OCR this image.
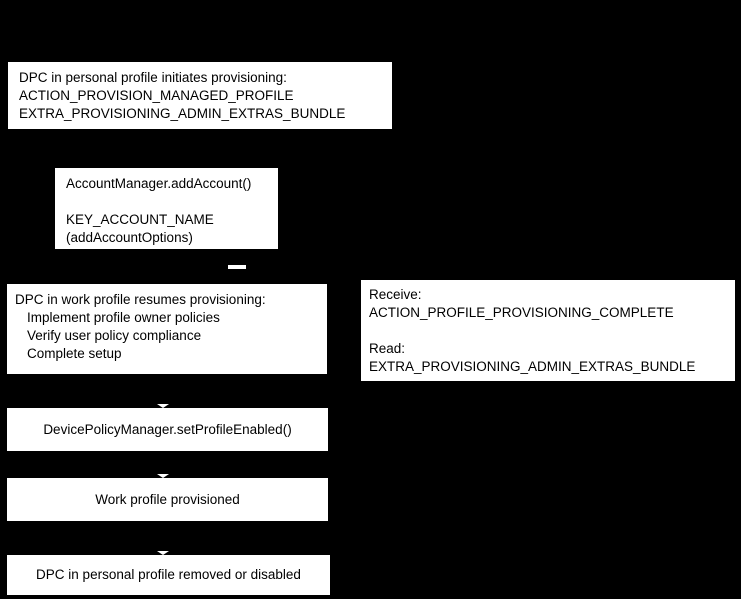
DPC in personal profile initiates provisioning:
ACTION_PROVISION_MANAGED_PROFILE
EXTRA_PROVISIONING_ADMIN_EXTRAS_BUNDLE
AccountManager.addAccount()
KEY_ACCOUNT_NAME
(addAccountOptions)
DPC in work profile resumes provisioning:
Implement profile owner policies
Verify user policy compliance
Complete setup
Receive:
ACTION_PROFILE_PROVISIONING_COMPLETE
Read:
EXTRA_PROVISIONING_ADMIN_EXTRAS_BUNDLE
DevicePolicyManager.setProfileEnabled()
Work profile provisioned
DPC in personal profile removed or disabled
